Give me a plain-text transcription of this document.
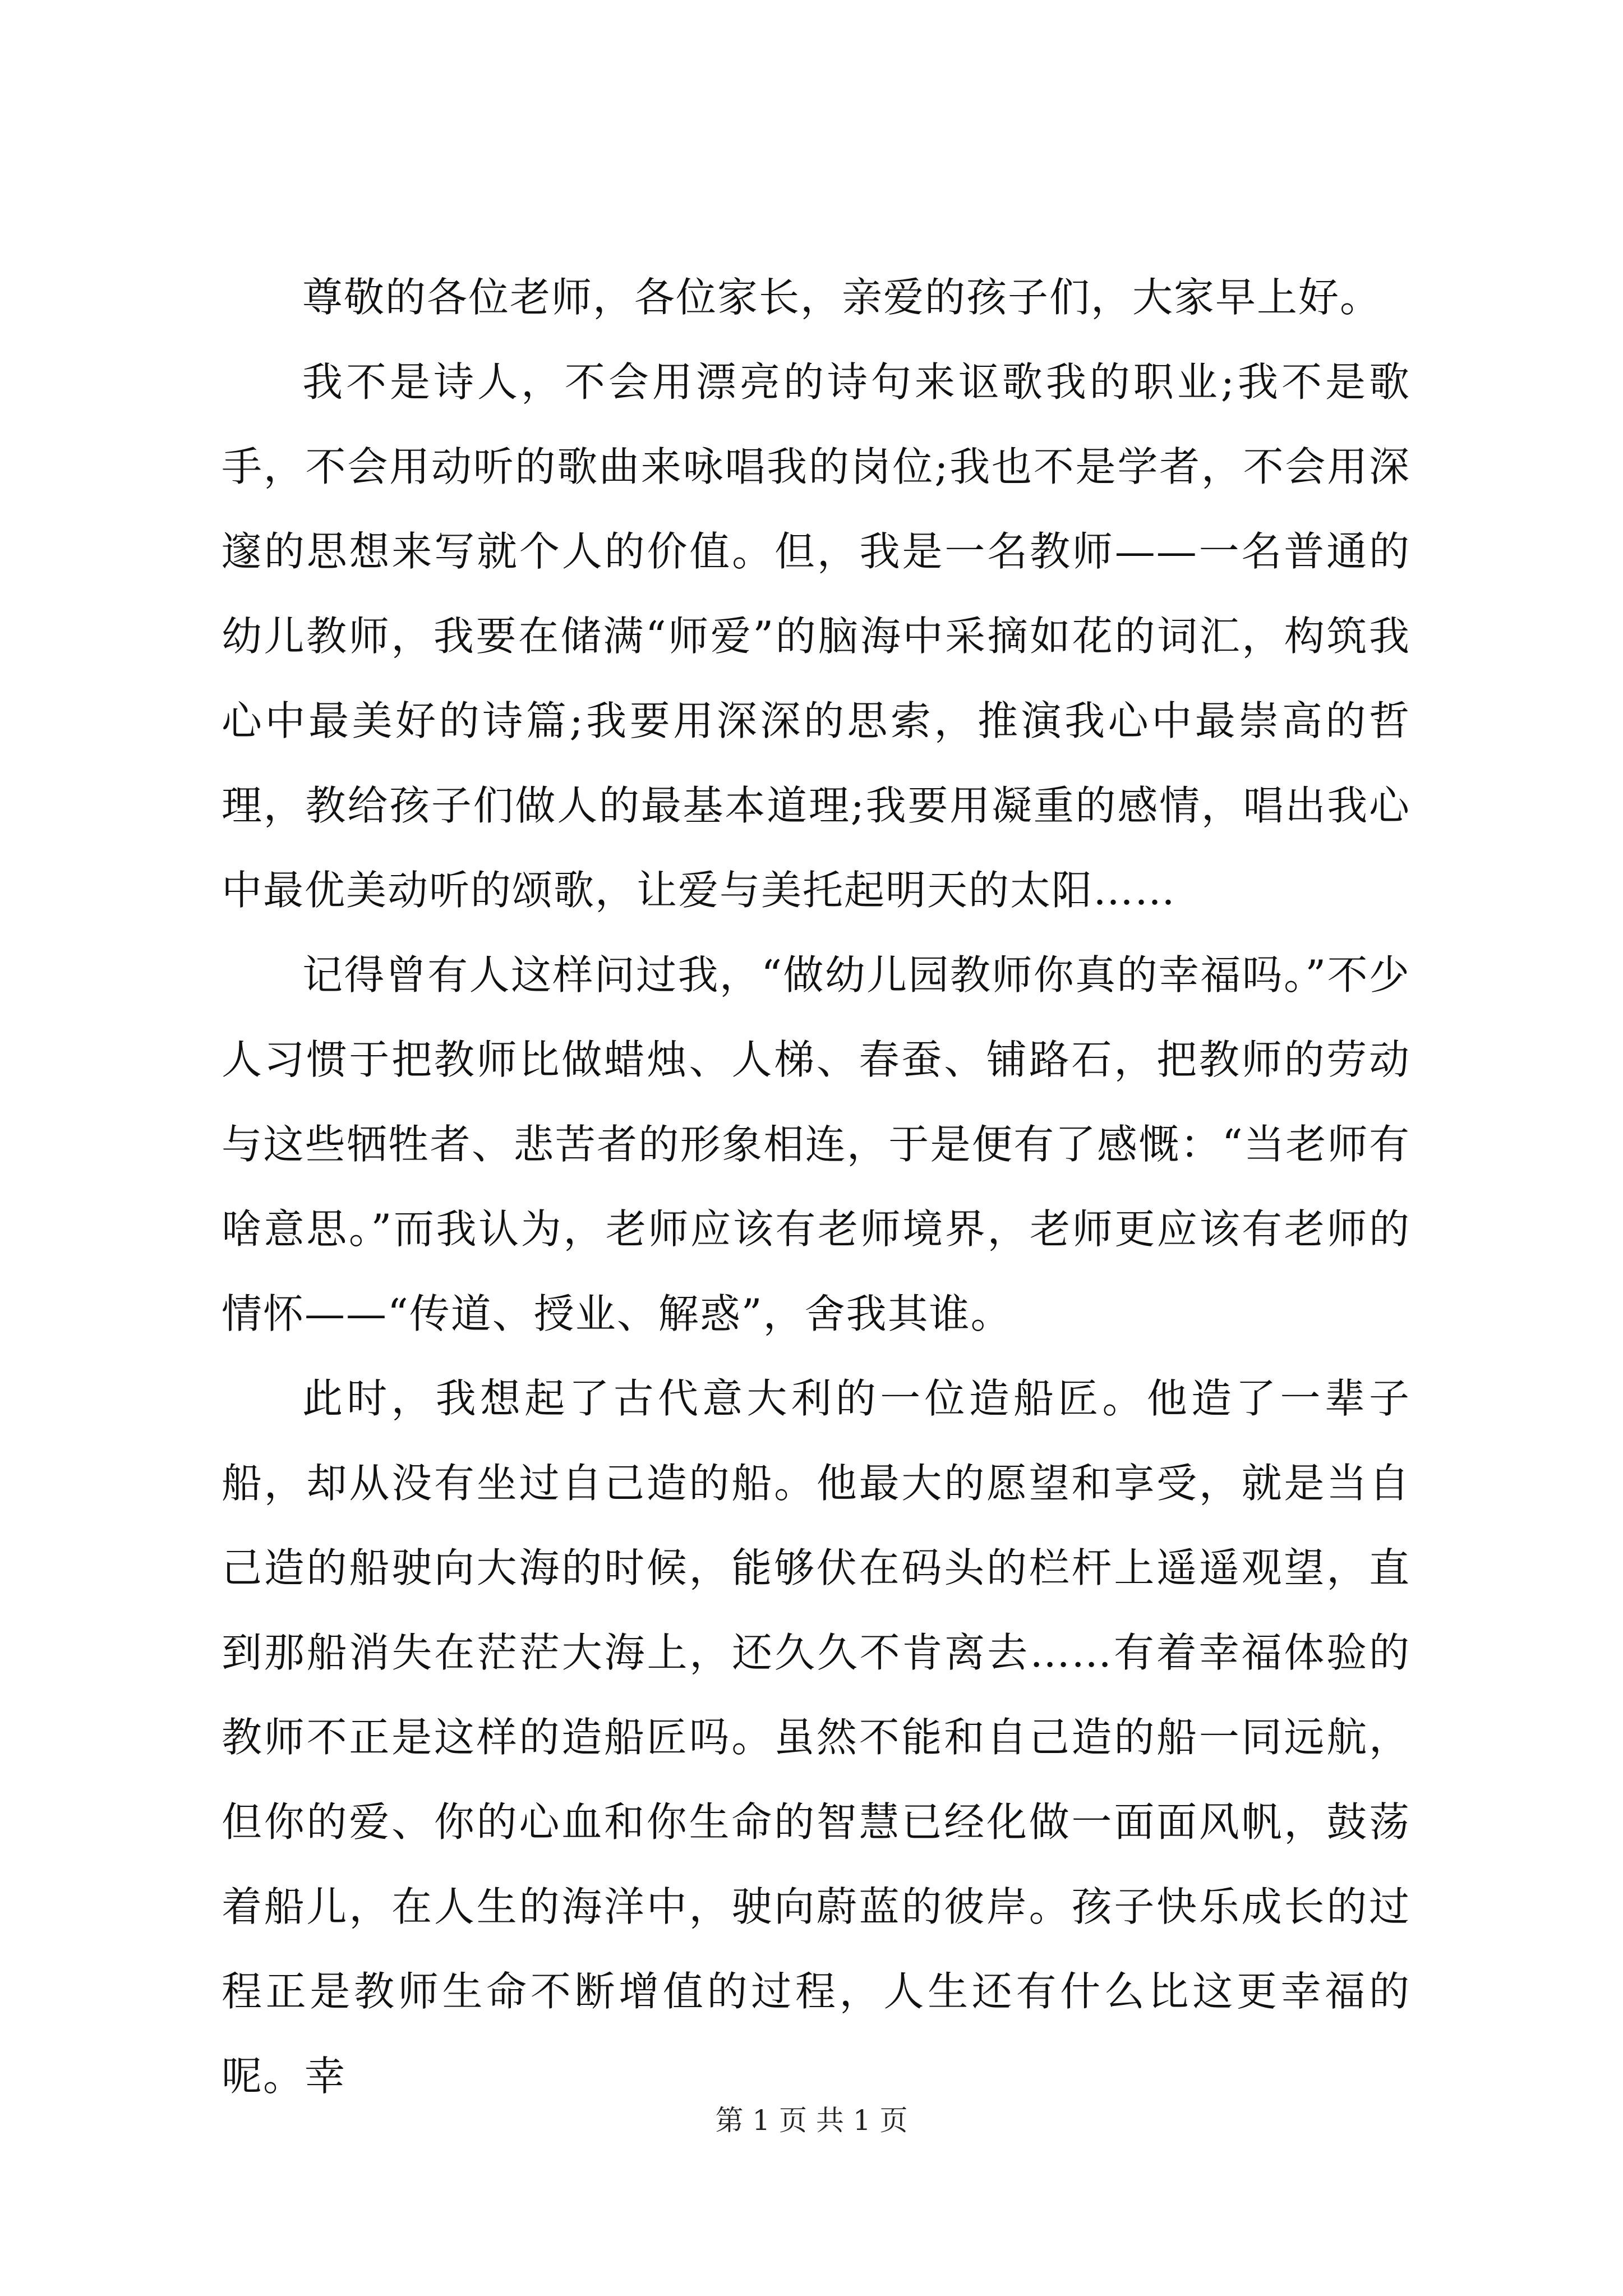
尊敬的各位老师，各位家长，亲爱的孩子们，大家早上好。

我不是诗人，不会用漂亮的诗句来讴歌我的职业;我不是歌手，不会用动听的歌曲来咏唱我的岗位;我也不是学者，不会用深邃的思想来写就个人的价值。但，我是一名教师——一名普通的幼儿教师，我要在储满“师爱”的脑海中采摘如花的词汇，构筑我心中最美好的诗篇;我要用深深的思索，推演我心中最崇高的哲理，教给孩子们做人的最基本道理;我要用凝重的感情，唱出我心中最优美动听的颂歌，让爱与美托起明天的太阳……

记得曾有人这样问过我，“做幼儿园教师你真的幸福吗。”不少人习惯于把教师比做蜡烛、人梯、春蚕、铺路石，把教师的劳动与这些牺牲者、悲苦者的形象相连，于是便有了感慨：“当老师有啥意思。”而我认为，老师应该有老师境界，老师更应该有老师的情怀——“传道、授业、解惑”，舍我其谁。

此时，我想起了古代意大利的一位造船匠。他造了一辈子船，却从没有坐过自己造的船。他最大的愿望和享受，就是当自己造的船驶向大海的时候，能够伏在码头的栏杆上遥遥观望，直到那船消失在茫茫大海上，还久久不肯离去……有着幸福体验的教师不正是这样的造船匠吗。虽然不能和自己造的船一同远航，但你的爱、你的心血和你生命的智慧已经化做一面面风帆，鼓荡着船儿，在人生的海洋中，驶向蔚蓝的彼岸。孩子快乐成长的过程正是教师生命不断增值的过程，人生还有什么比这更幸福的呢。幸

第 1 页 共 1 页
